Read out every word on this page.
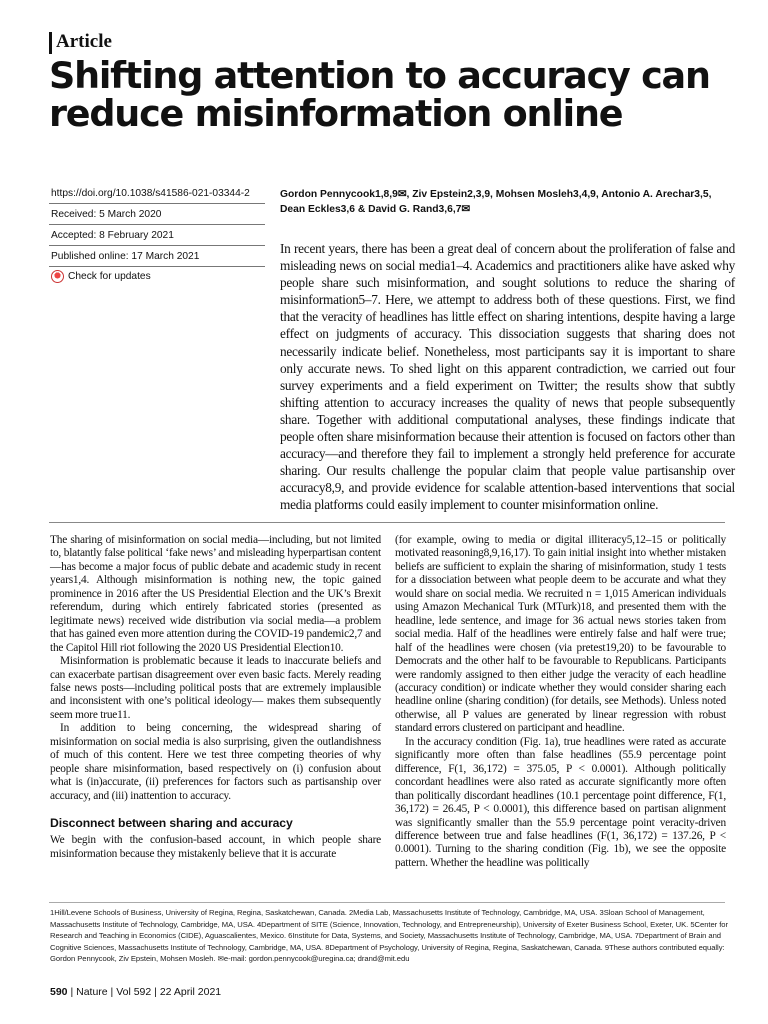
Article
Shifting attention to accuracy can reduce misinformation online
https://doi.org/10.1038/s41586-021-03344-2
Received: 5 March 2020
Accepted: 8 February 2021
Published online: 17 March 2021
Check for updates
Gordon Pennycook1,8,9✉, Ziv Epstein2,3,9, Mohsen Mosleh3,4,9, Antonio A. Arechar3,5, Dean Eckles3,6 & David G. Rand3,6,7✉

In recent years, there has been a great deal of concern about the proliferation of false and misleading news on social media1–4. Academics and practitioners alike have asked why people share such misinformation, and sought solutions to reduce the sharing of misinformation5–7. Here, we attempt to address both of these questions. First, we find that the veracity of headlines has little effect on sharing intentions, despite having a large effect on judgments of accuracy. This dissociation suggests that sharing does not necessarily indicate belief. Nonetheless, most participants say it is important to share only accurate news. To shed light on this apparent contradiction, we carried out four survey experiments and a field experiment on Twitter; the results show that subtly shifting attention to accuracy increases the quality of news that people subsequently share. Together with additional computational analyses, these findings indicate that people often share misinformation because their attention is focused on factors other than accuracy—and therefore they fail to implement a strongly held preference for accurate sharing. Our results challenge the popular claim that people value partisanship over accuracy8,9, and provide evidence for scalable attention-based interventions that social media platforms could easily implement to counter misinformation online.

The sharing of misinformation on social media—including, but not limited to, blatantly false political ‘fake news’ and misleading hyperpartisan content—has become a major focus of public debate and academic study in recent years1,4. Although misinformation is nothing new, the topic gained prominence in 2016 after the US Presidential Election and the UK’s Brexit referendum, during which entirely fabricated stories (presented as legitimate news) received wide distribution via social media—a problem that has gained even more attention during the COVID-19 pandemic2,7 and the Capitol Hill riot following the 2020 US Presidential Election10.

Misinformation is problematic because it leads to inaccurate beliefs and can exacerbate partisan disagreement over even basic facts. Merely reading false news posts—including political posts that are extremely implausible and inconsistent with one’s political ideology— makes them subsequently seem more true11.

In addition to being concerning, the widespread sharing of misinformation on social media is also surprising, given the outlandishness of much of this content. Here we test three competing theories of why people share misinformation, based respectively on (i) confusion about what is (in)accurate, (ii) preferences for factors such as partisanship over accuracy, and (iii) inattention to accuracy.

Disconnect between sharing and accuracy

We begin with the confusion-based account, in which people share misinformation because they mistakenly believe that it is accurate

(for example, owing to media or digital illiteracy5,12–15 or politically motivated reasoning8,9,16,17). To gain initial insight into whether mistaken beliefs are sufficient to explain the sharing of misinformation, study 1 tests for a dissociation between what people deem to be accurate and what they would share on social media. We recruited n = 1,015 American individuals using Amazon Mechanical Turk (MTurk)18, and presented them with the headline, lede sentence, and image for 36 actual news stories taken from social media. Half of the headlines were entirely false and half were true; half of the headlines were chosen (via pretest19,20) to be favourable to Democrats and the other half to be favourable to Republicans. Participants were randomly assigned to then either judge the veracity of each headline (accuracy condition) or indicate whether they would consider sharing each headline online (sharing condition) (for details, see Methods). Unless noted otherwise, all P values are generated by linear regression with robust standard errors clustered on participant and headline.

In the accuracy condition (Fig. 1a), true headlines were rated as accurate significantly more often than false headlines (55.9 percentage point difference, F(1, 36,172) = 375.05, P < 0.0001). Although politically concordant headlines were also rated as accurate significantly more often than politically discordant headlines (10.1 percentage point difference, F(1, 36,172) = 26.45, P < 0.0001), this difference based on partisan alignment was significantly smaller than the 55.9 percentage point veracity-driven difference between true and false headlines (F(1, 36,172) = 137.26, P < 0.0001). Turning to the sharing condition (Fig. 1b), we see the opposite pattern. Whether the headline was politically

1Hill/Levene Schools of Business, University of Regina, Regina, Saskatchewan, Canada. 2Media Lab, Massachusetts Institute of Technology, Cambridge, MA, USA. 3Sloan School of Management, Massachusetts Institute of Technology, Cambridge, MA, USA. 4Department of SITE (Science, Innovation, Technology, and Entrepreneurship), University of Exeter Business School, Exeter, UK. 5Center for Research and Teaching in Economics (CIDE), Aguascalientes, Mexico. 6Institute for Data, Systems, and Society, Massachusetts Institute of Technology, Cambridge, MA, USA. 7Department of Brain and Cognitive Sciences, Massachusetts Institute of Technology, Cambridge, MA, USA. 8Department of Psychology, University of Regina, Regina, Saskatchewan, Canada. 9These authors contributed equally: Gordon Pennycook, Ziv Epstein, Mohsen Mosleh. ✉e-mail: gordon.pennycook@uregina.ca; drand@mit.edu
590 | Nature | Vol 592 | 22 April 2021
